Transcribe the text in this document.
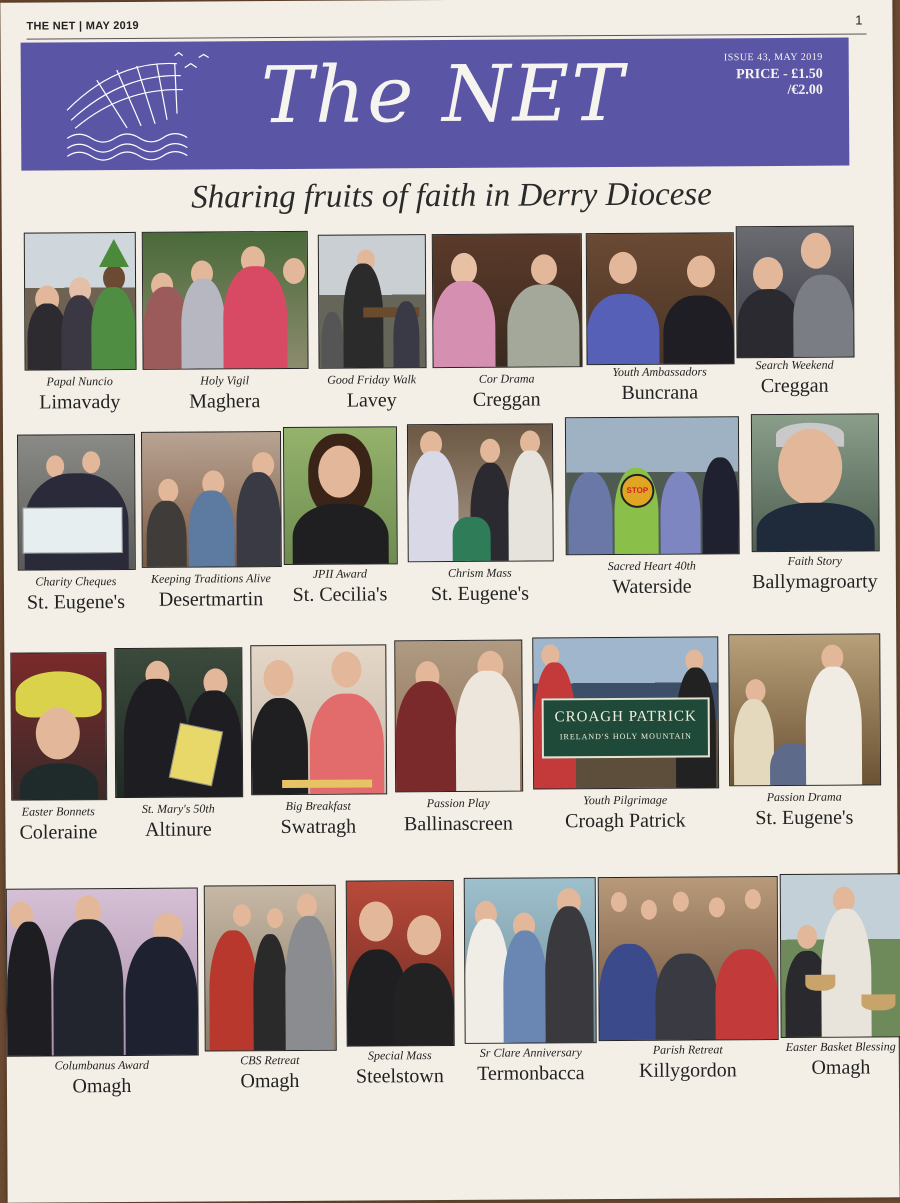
THE NET | MAY 2019	1
The NET	ISSUE 43, MAY 2019
PRICE - £1.50
/€2.00
Sharing fruits of faith in Derry Diocese
Papal Nuncio
Limavady
Holy Vigil
Maghera
Good Friday Walk
Lavey
Cor Drama
Creggan
Youth Ambassadors
Buncrana
Search Weekend
Creggan
Charity Cheques
St. Eugene's
Keeping Traditions Alive
Desertmartin
JPII Award
St. Cecilia's
Chrism Mass
St. Eugene's
STOP
Sacred Heart 40th
Waterside
Faith Story
Ballymagroarty
Easter Bonnets
Coleraine
St. Mary's 50th
Altinure
Big Breakfast
Swatragh
Passion Play
Ballinascreen
CROAGH PATRICK
IRELAND'S HOLY MOUNTAIN
Youth Pilgrimage
Croagh Patrick
Passion Drama
St. Eugene's
Columbanus Award
Omagh
CBS Retreat
Omagh
Special Mass
Steelstown
Sr Clare Anniversary
Termonbacca
Parish Retreat
Killygordon
Easter Basket Blessing
Omagh
